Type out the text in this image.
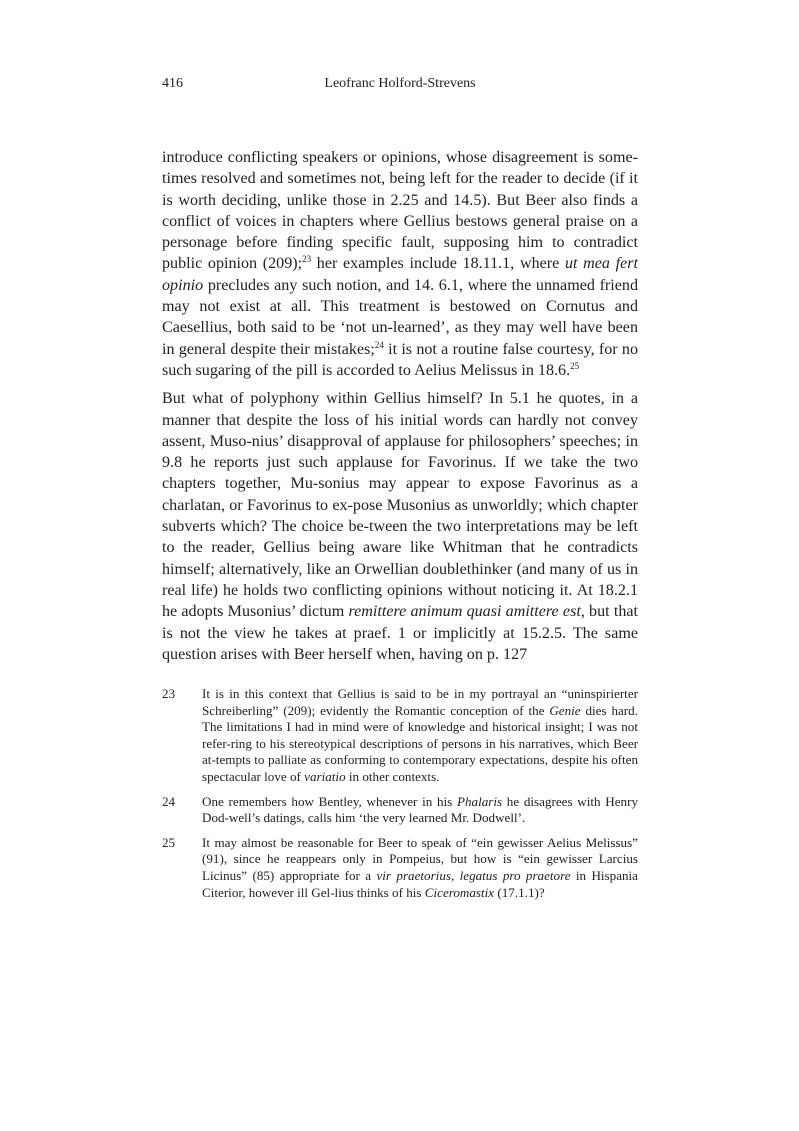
416	Leofranc Holford-Strevens

introduce conflicting speakers or opinions, whose disagreement is some-times resolved and sometimes not, being left for the reader to decide (if it is worth deciding, unlike those in 2.25 and 14.5). But Beer also finds a conflict of voices in chapters where Gellius bestows general praise on a personage before finding specific fault, supposing him to contradict public opinion (209);$^{23}$ her examples include 18.11.1, where ut mea fert opinio precludes any such notion, and 14. 6.1, where the unnamed friend may not exist at all. This treatment is bestowed on Cornutus and Caesellius, both said to be ‘not un-learned’, as they may well have been in general despite their mistakes;$^{24}$ it is not a routine false courtesy, for no such sugaring of the pill is accorded to Aelius Melissus in 18.6.25

But what of polyphony within Gellius himself? In 5.1 he quotes, in a manner that despite the loss of his initial words can hardly not convey assent, Muso-nius’ disapproval of applause for philosophers’ speeches; in 9.8 he reports just such applause for Favorinus. If we take the two chapters together, Mu-sonius may appear to expose Favorinus as a charlatan, or Favorinus to ex-pose Musonius as unworldly; which chapter subverts which? The choice be-tween the two interpretations may be left to the reader, Gellius being aware like Whitman that he contradicts himself; alternatively, like an Orwellian doublethinker (and many of us in real life) he holds two conflicting opinions without noticing it. At 18.2.1 he adopts Musonius’ dictum remittere animum quasi amittere est, but that is not the view he takes at praef. 1 or implicitly at 15.2.5. The same question arises with Beer herself when, having on p. 127

23	It is in this context that Gellius is said to be in my portrayal an “uninspirierter Schreiberling” (209); evidently the Romantic conception of the Genie dies hard. The limitations I had in mind were of knowledge and historical insight; I was not refer-ring to his stereotypical descriptions of persons in his narratives, which Beer at-tempts to palliate as conforming to contemporary expectations, despite his often spectacular love of variatio in other contexts.
24	One remembers how Bentley, whenever in his Phalaris he disagrees with Henry Dod-well’s datings, calls him ‘the very learned Mr. Dodwell’.
25	It may almost be reasonable for Beer to speak of “ein gewisser Aelius Melissus” (91), since he reappears only in Pompeius, but how is “ein gewisser Larcius Licinus” (85) appropriate for a vir praetorius, legatus pro praetore in Hispania Citerior, however ill Gel-lius thinks of his Ciceromastix (17.1.1)?
